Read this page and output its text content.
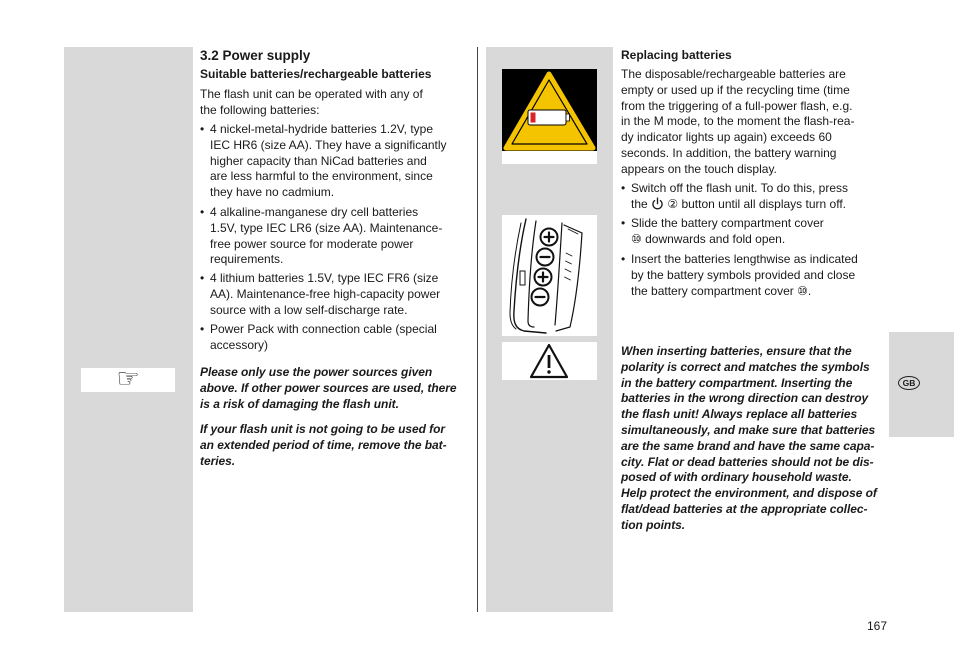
3.2 Power supply
Suitable batteries/rechargeable batteries
The flash unit can be operated with any of
the following batteries:
• 4 nickel-metal-hydride batteries 1.2V, type
IEC HR6 (size AA). They have a significantly
higher capacity than NiCad batteries and
are less harmful to the environment, since
they have no cadmium.
• 4 alkaline-manganese dry cell batteries
1.5V, type IEC LR6 (size AA). Maintenance-
free power source for moderate power
requirements.
• 4 lithium batteries 1.5V, type IEC FR6 (size
AA). Maintenance-free high-capacity power
source with a low self-discharge rate.
• Power Pack with connection cable (special
accessory)
☞
Please only use the power sources given
above. If other power sources are used, there
is a risk of damaging the flash unit.
If your flash unit is not going to be used for
an extended period of time, remove the bat-
teries.
Replacing batteries
The disposable/rechargeable batteries are
empty or used up if the recycling time (time
from the triggering of a full-power flash, e.g.
in the M mode, to the moment the flash-rea-
dy indicator lights up again) exceeds 60
seconds. In addition, the battery warning
appears on the touch display.
• Switch off the flash unit. To do this, press
the  ② button until all displays turn off.
• Slide the battery compartment cover
⑩ downwards and fold open.
• Insert the batteries lengthwise as indicated
by the battery symbols provided and close
the battery compartment cover ⑩.
When inserting batteries, ensure that the
polarity is correct and matches the symbols
in the battery compartment. Inserting the
batteries in the wrong direction can destroy
the flash unit! Always replace all batteries
simultaneously, and make sure that batteries
are the same brand and have the same capa-
city. Flat or dead batteries should not be dis-
posed of with ordinary household waste.
Help protect the environment, and dispose of
flat/dead batteries at the appropriate collec-
tion points.
GB
167
